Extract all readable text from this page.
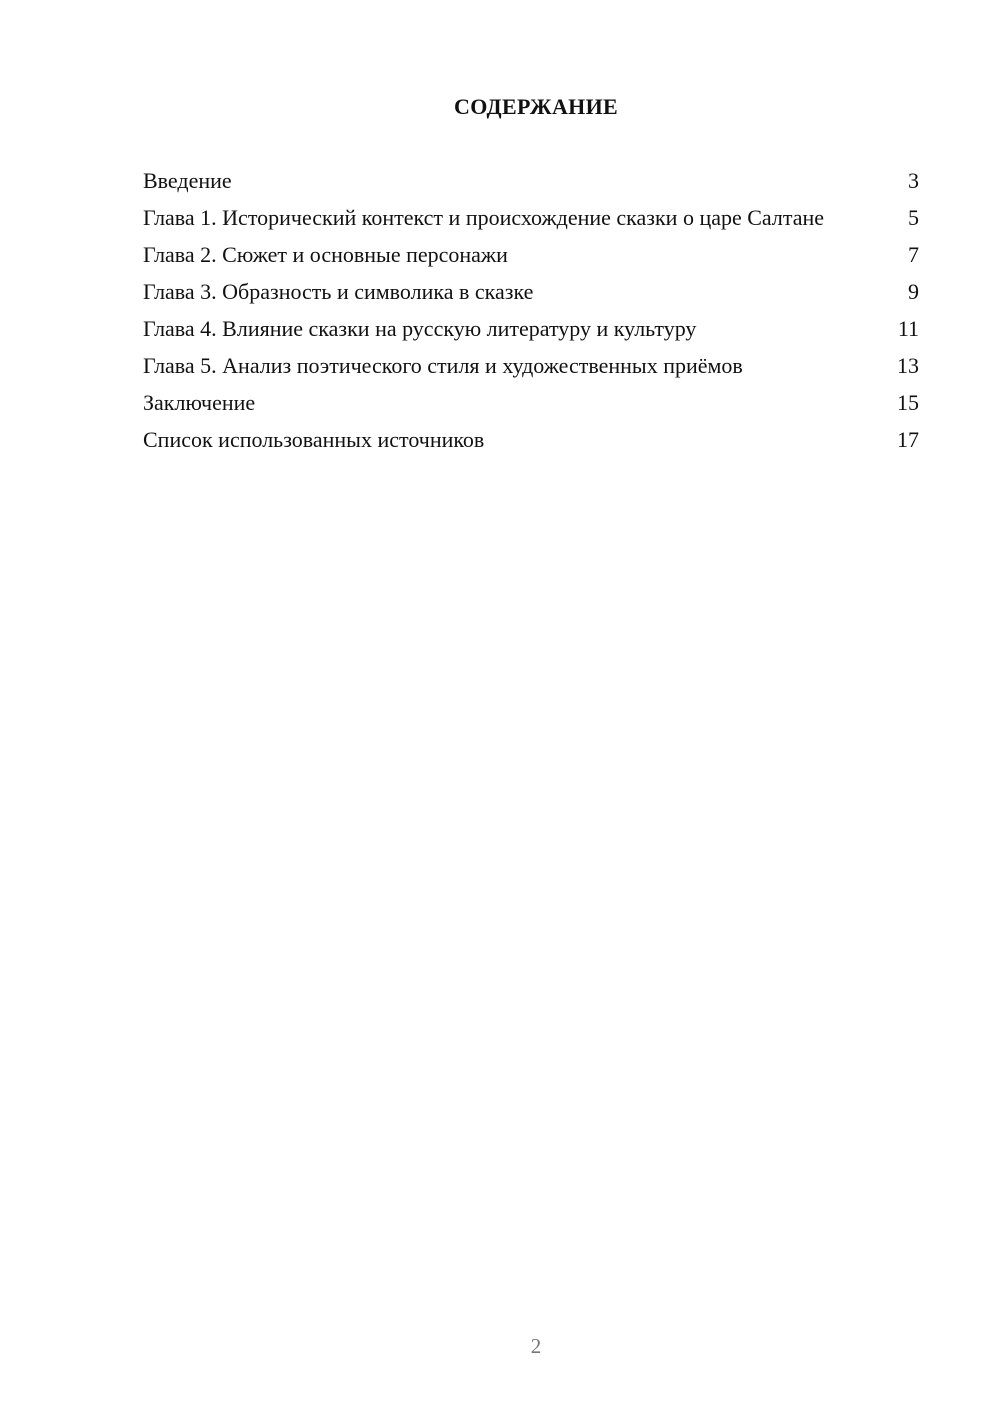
СОДЕРЖАНИЕ
Введение	3
Глава 1. Исторический контекст и происхождение сказки о царе Салтане	5
Глава 2. Сюжет и основные персонажи	7
Глава 3. Образность и символика в сказке	9
Глава 4. Влияние сказки на русскую литературу и культуру	11
Глава 5. Анализ поэтического стиля и художественных приёмов	13
Заключение	15
Список использованных источников	17
2
